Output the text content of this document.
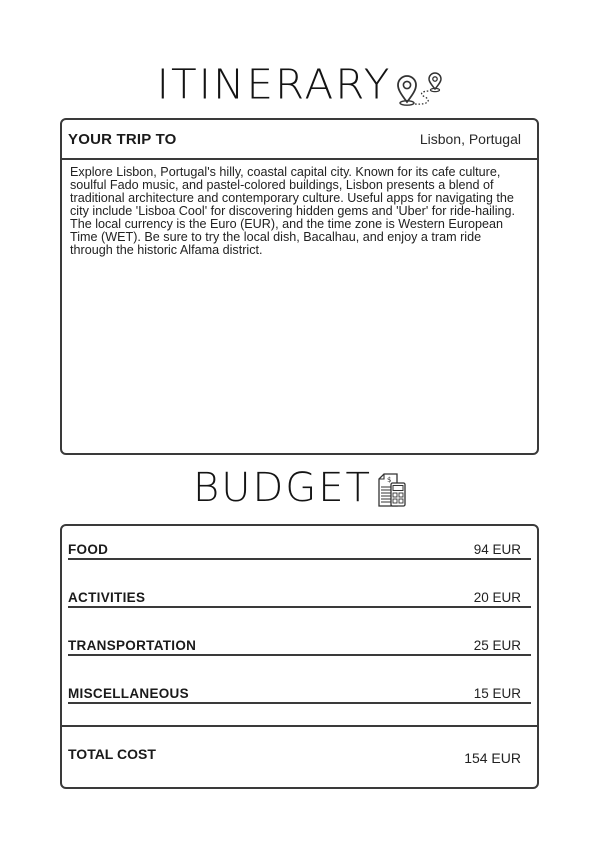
ITINERARY
YOUR TRIP TO	Lisbon, Portugal
Explore Lisbon, Portugal's hilly, coastal capital city. Known for its cafe culture, soulful Fado music, and pastel-colored buildings, Lisbon presents a blend of traditional architecture and contemporary culture. Useful apps for navigating the city include 'Lisboa Cool' for discovering hidden gems and 'Uber' for ride-hailing. The local currency is the Euro (EUR), and the time zone is Western European Time (WET). Be sure to try the local dish, Bacalhau, and enjoy a tram ride through the historic Alfama district.
BUDGET $
FOOD	94 EUR
ACTIVITIES	20 EUR
TRANSPORTATION	25 EUR
MISCELLANEOUS	15 EUR
TOTAL COST	154 EUR
